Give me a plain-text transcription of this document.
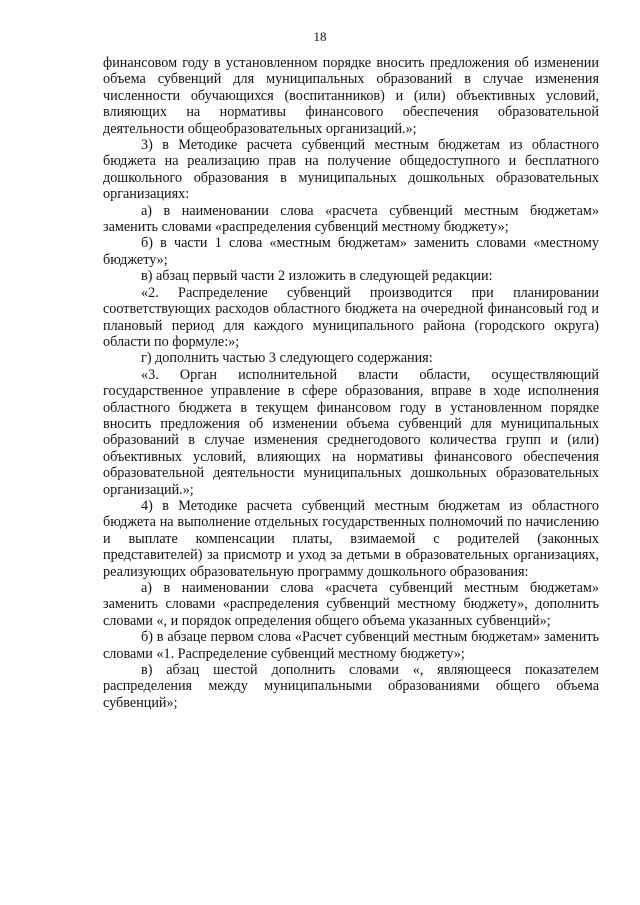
18

финансовом году в установленном порядке вносить предложения об изменении объема субвенций для муниципальных образований в случае изменения численности обучающихся (воспитанников) и (или) объективных условий, влияющих на нормативы финансового обеспечения образовательной деятельности общеобразовательных организаций.»;

3) в Методике расчета субвенций местным бюджетам из областного бюджета на реализацию прав на получение общедоступного и бесплатного дошкольного образования в муниципальных дошкольных образовательных организациях:

а) в наименовании слова «расчета субвенций местным бюджетам» заменить словами «распределения субвенций местному бюджету»;

б) в части 1 слова «местным бюджетам» заменить словами «местному бюджету»;

в) абзац первый части 2 изложить в следующей редакции:

«2. Распределение субвенций производится при планировании соответствующих расходов областного бюджета на очередной финансовый год и плановый период для каждого муниципального района (городского округа) области по формуле:»;

г) дополнить частью 3 следующего содержания:

«3. Орган исполнительной власти области, осуществляющий государственное управление в сфере образования, вправе в ходе исполнения областного бюджета в текущем финансовом году в установленном порядке вносить предложения об изменении объема субвенций для муниципальных образований в случае изменения среднегодового количества групп и (или) объективных условий, влияющих на нормативы финансового обеспечения образовательной деятельности муниципальных дошкольных образовательных организаций.»;

4) в Методике расчета субвенций местным бюджетам из областного бюджета на выполнение отдельных государственных полномочий по начислению и выплате компенсации платы, взимаемой с родителей (законных представителей) за присмотр и уход за детьми в образовательных организациях, реализующих образовательную программу дошкольного образования:

а) в наименовании слова «расчета субвенций местным бюджетам» заменить словами «распределения субвенций местному бюджету», дополнить словами «, и порядок определения общего объема указанных субвенций»;

б) в абзаце первом слова «Расчет субвенций местным бюджетам» заменить словами «1. Распределение субвенций местному бюджету»;

в) абзац шестой дополнить словами «, являющееся показателем распределения между муниципальными образованиями общего объема субвенций»;
